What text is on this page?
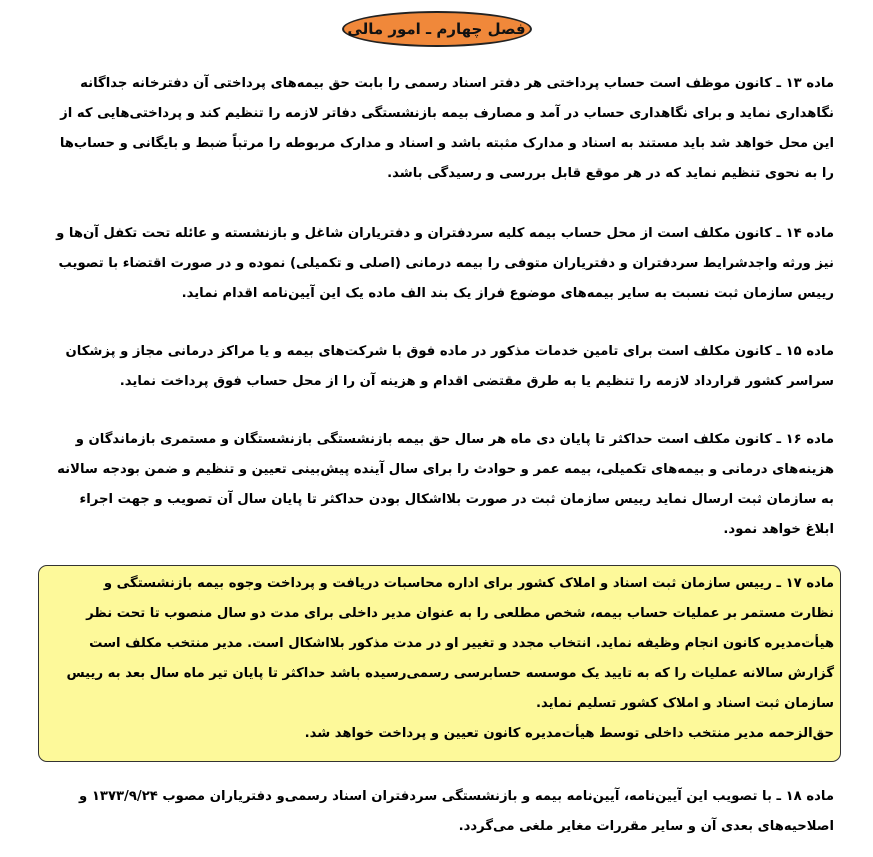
فصل چهارم ـ امور مالی
ماده ۱۳ ـ کانون موظف است حساب پرداختی هر دفتر اسناد رسمی را بابت حق بیمه‌های پرداختی آن دفترخانه جداگانه
نگاهداری نماید و برای نگاهداری حساب در آمد و مصارف بیمه بازنشستگی دفاتر لازمه را تنظیم کند و پرداختی‌هایی که از
این محل خواهد شد باید مستند به اسناد و مدارک مثبته باشد و اسناد و مدارک مربوطه را مرتباً ضبط و بایگانی و حساب‌ها
را به نحوی تنظیم نماید که در هر موقع قابل بررسی و رسیدگی باشد.
ماده ۱۴ ـ کانون مکلف است از محل حساب بیمه کلیه سردفتران و دفتریاران شاغل و بازنشسته و عائله تحت تکفل آن‌ها و
نیز ورثه واجدشرایط سردفتران و دفتریاران متوفی را بیمه درمانی (اصلی و تکمیلی) نموده و در صورت اقتضاء با تصویب
رییس سازمان ثبت نسبت به سایر بیمه‌های موضوع فراز یک بند الف ماده یک این آیین‌نامه اقدام نماید.
ماده ۱۵ ـ کانون مکلف است برای تامین خدمات مذکور در ماده فوق با شرکت‌های بیمه و یا مراکز درمانی مجاز و پزشکان
سراسر کشور قرارداد لازمه را تنظیم یا به طرق مقتضی اقدام و هزینه آن را از محل حساب فوق پرداخت نماید.
ماده ۱۶ ـ کانون مکلف است حداکثر تا پایان دی ماه هر سال حق بیمه بازنشستگی بازنشستگان و مستمری بازماندگان و
هزینه‌های درمانی و بیمه‌های تکمیلی، بیمه عمر و حوادث را برای سال آینده پیش‌بینی تعیین و تنظیم و ضمن بودجه سالانه
به سازمان ثبت ارسال نماید رییس سازمان ثبت در صورت بلااشکال بودن حداکثر تا پایان سال آن تصویب و جهت اجراء
ابلاغ خواهد نمود.
ماده ۱۷ ـ رییس سازمان ثبت اسناد و املاک کشور برای اداره محاسبات دریافت و پرداخت وجوه بیمه بازنشستگی و
نظارت مستمر بر عملیات حساب بیمه، شخص مطلعی را به عنوان مدیر داخلی برای مدت دو سال منصوب تا تحت نظر
هیأت‌مدیره کانون انجام وظیفه نماید. انتخاب مجدد و تغییر او در مدت مذکور بلااشکال است. مدیر منتخب مکلف است
گزارش سالانه عملیات را که به تایید یک موسسه حسابرسی رسمی‌رسیده باشد حداکثر تا پایان تیر ماه سال بعد به رییس
سازمان ثبت اسناد و املاک کشور تسلیم نماید.
حق‌الزحمه مدیر منتخب داخلی توسط هیأت‌مدیره کانون تعیین و پرداخت خواهد شد.
ماده ۱۸ ـ با تصویب این آیین‌نامه، آیین‌نامه بیمه و بازنشستگی سردفتران اسناد رسمی‌و دفتریاران مصوب ۱۳۷۳/۹/۲۴ و
اصلاحیه‌های بعدی آن و سایر مقررات مغایر ملغی می‌گردد.
